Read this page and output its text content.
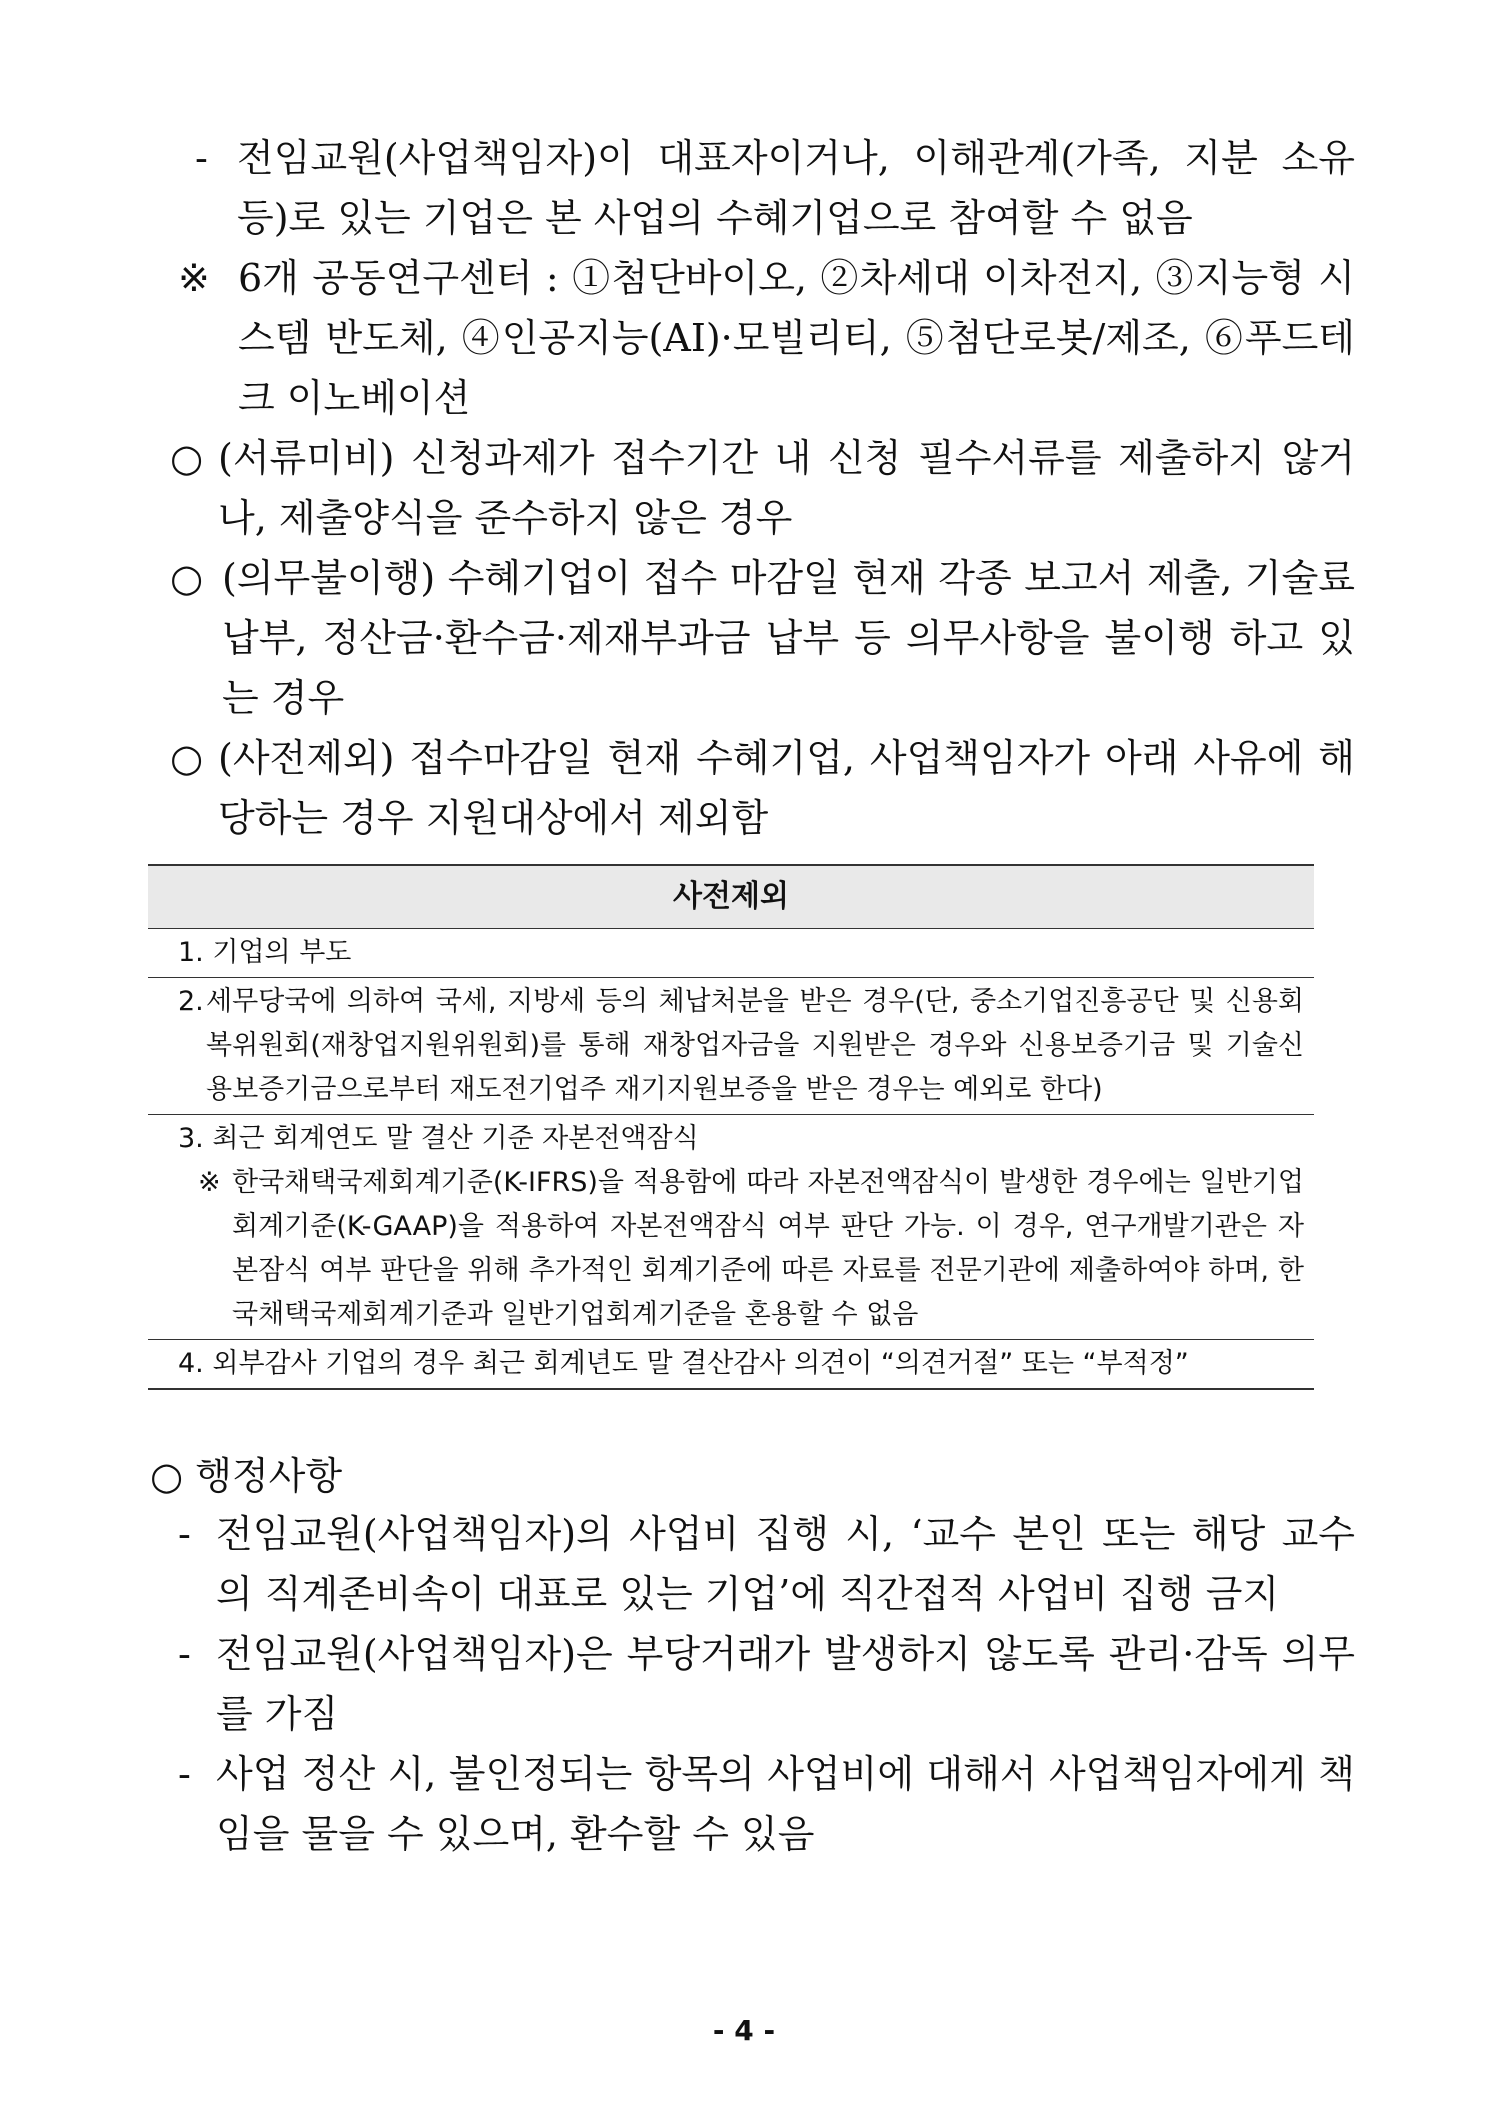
- 전임교원(사업책임자)이 대표자이거나, 이해관계(가족, 지분 소유 등)로 있는 기업은 본 사업의 수혜기업으로 참여할 수 없음
※ 6개 공동연구센터 : ①첨단바이오, ②차세대 이차전지, ③지능형 시스템 반도체, ④인공지능(AI)·모빌리티, ⑤첨단로봇/제조, ⑥푸드테크 이노베이션
○ (서류미비) 신청과제가 접수기간 내 신청 필수서류를 제출하지 않거나, 제출양식을 준수하지 않은 경우
○ (의무불이행) 수혜기업이 접수 마감일 현재 각종 보고서 제출, 기술료 납부, 정산금·환수금·제재부과금 납부 등 의무사항을 불이행 하고 있는 경우
○ (사전제외) 접수마감일 현재 수혜기업, 사업책임자가 아래 사유에 해당하는 경우 지원대상에서 제외함
사전제외
1. 기업의 부도
2. 세무당국에 의하여 국세, 지방세 등의 체납처분을 받은 경우(단, 중소기업진흥공단 및 신용회복위원회(재창업지원위원회)를 통해 재창업자금을 지원받은 경우와 신용보증기금 및 기술신용보증기금으로부터 재도전기업주 재기지원보증을 받은 경우는 예외로 한다)
3. 최근 회계연도 말 결산 기준 자본전액잠식
※ 한국채택국제회계기준(K-IFRS)을 적용함에 따라 자본전액잠식이 발생한 경우에는 일반기업회계기준(K-GAAP)을 적용하여 자본전액잠식 여부 판단 가능. 이 경우, 연구개발기관은 자본잠식 여부 판단을 위해 추가적인 회계기준에 따른 자료를 전문기관에 제출하여야 하며, 한국채택국제회계기준과 일반기업회계기준을 혼용할 수 없음
4. 외부감사 기업의 경우 최근 회계년도 말 결산감사 의견이 “의견거절” 또는 “부적정”
○ 행정사항
- 전임교원(사업책임자)의 사업비 집행 시, ‘교수 본인 또는 해당 교수의 직계존비속이 대표로 있는 기업’에 직간접적 사업비 집행 금지
- 전임교원(사업책임자)은 부당거래가 발생하지 않도록 관리·감독 의무를 가짐
- 사업 정산 시, 불인정되는 항목의 사업비에 대해서 사업책임자에게 책임을 물을 수 있으며, 환수할 수 있음
- 4 -
